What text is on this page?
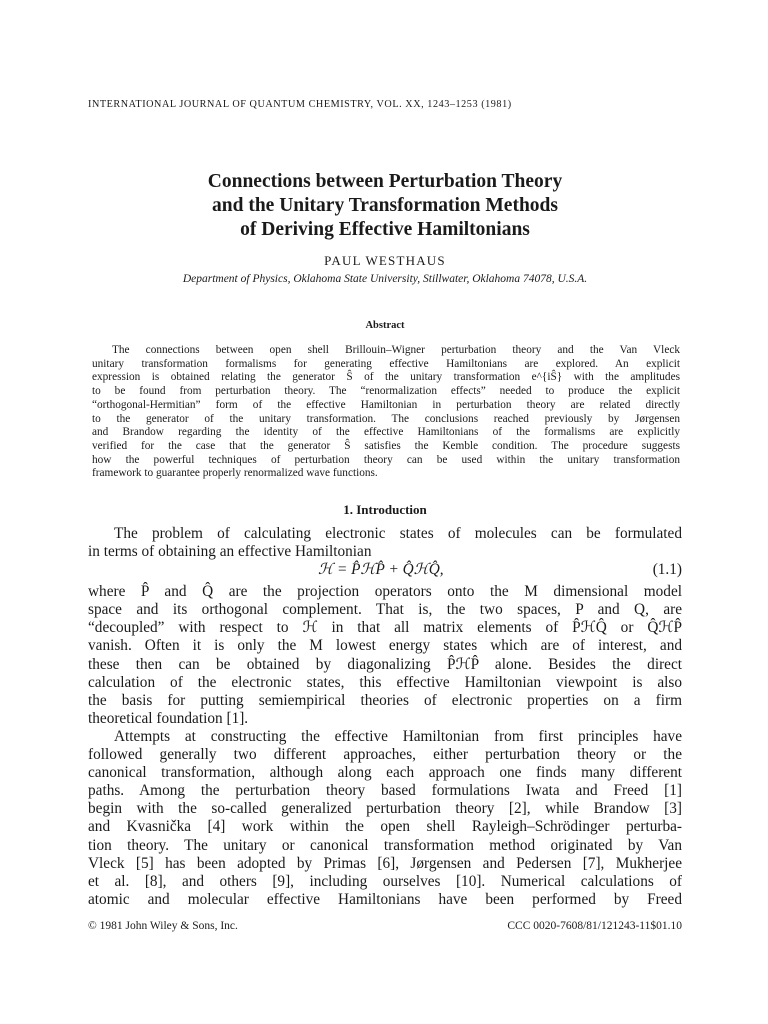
INTERNATIONAL JOURNAL OF QUANTUM CHEMISTRY, VOL. XX, 1243–1253 (1981)
Connections between Perturbation Theory
and the Unitary Transformation Methods
of Deriving Effective Hamiltonians
PAUL WESTHAUS
Department of Physics, Oklahoma State University, Stillwater, Oklahoma 74078, U.S.A.
Abstract
The connections between open shell Brillouin–Wigner perturbation theory and the Van Vleck
unitary transformation formalisms for generating effective Hamiltonians are explored. An explicit
expression is obtained relating the generator Ŝ of the unitary transformation e^{iŜ} with the amplitudes
to be found from perturbation theory. The “renormalization effects” needed to produce the explicit
“orthogonal-Hermitian” form of the effective Hamiltonian in perturbation theory are related directly
to the generator of the unitary transformation. The conclusions reached previously by Jørgensen
and Brandow regarding the identity of the effective Hamiltonians of the formalisms are explicitly
verified for the case that the generator Ŝ satisfies the Kemble condition. The procedure suggests
how the powerful techniques of perturbation theory can be used within the unitary transformation
framework to guarantee properly renormalized wave functions.
1. Introduction
The problem of calculating electronic states of molecules can be formulated
in terms of obtaining an effective Hamiltonian
ℋ = P̂ℋP̂ + Q̂ℋQ̂,	(1.1)
where P̂ and Q̂ are the projection operators onto the M dimensional model
space and its orthogonal complement. That is, the two spaces, P and Q, are
“decoupled” with respect to ℋ in that all matrix elements of P̂ℋQ̂ or Q̂ℋP̂
vanish. Often it is only the M lowest energy states which are of interest, and
these then can be obtained by diagonalizing P̂ℋP̂ alone. Besides the direct
calculation of the electronic states, this effective Hamiltonian viewpoint is also
the basis for putting semiempirical theories of electronic properties on a firm
theoretical foundation [1].
Attempts at constructing the effective Hamiltonian from first principles have
followed generally two different approaches, either perturbation theory or the
canonical transformation, although along each approach one finds many different
paths. Among the perturbation theory based formulations Iwata and Freed [1]
begin with the so-called generalized perturbation theory [2], while Brandow [3]
and Kvasnička [4] work within the open shell Rayleigh–Schrödinger perturba-
tion theory. The unitary or canonical transformation method originated by Van
Vleck [5] has been adopted by Primas [6], Jørgensen and Pedersen [7], Mukherjee
et al. [8], and others [9], including ourselves [10]. Numerical calculations of
atomic and molecular effective Hamiltonians have been performed by Freed
© 1981 John Wiley & Sons, Inc.	CCC 0020-7608/81/121243-11$01.10
